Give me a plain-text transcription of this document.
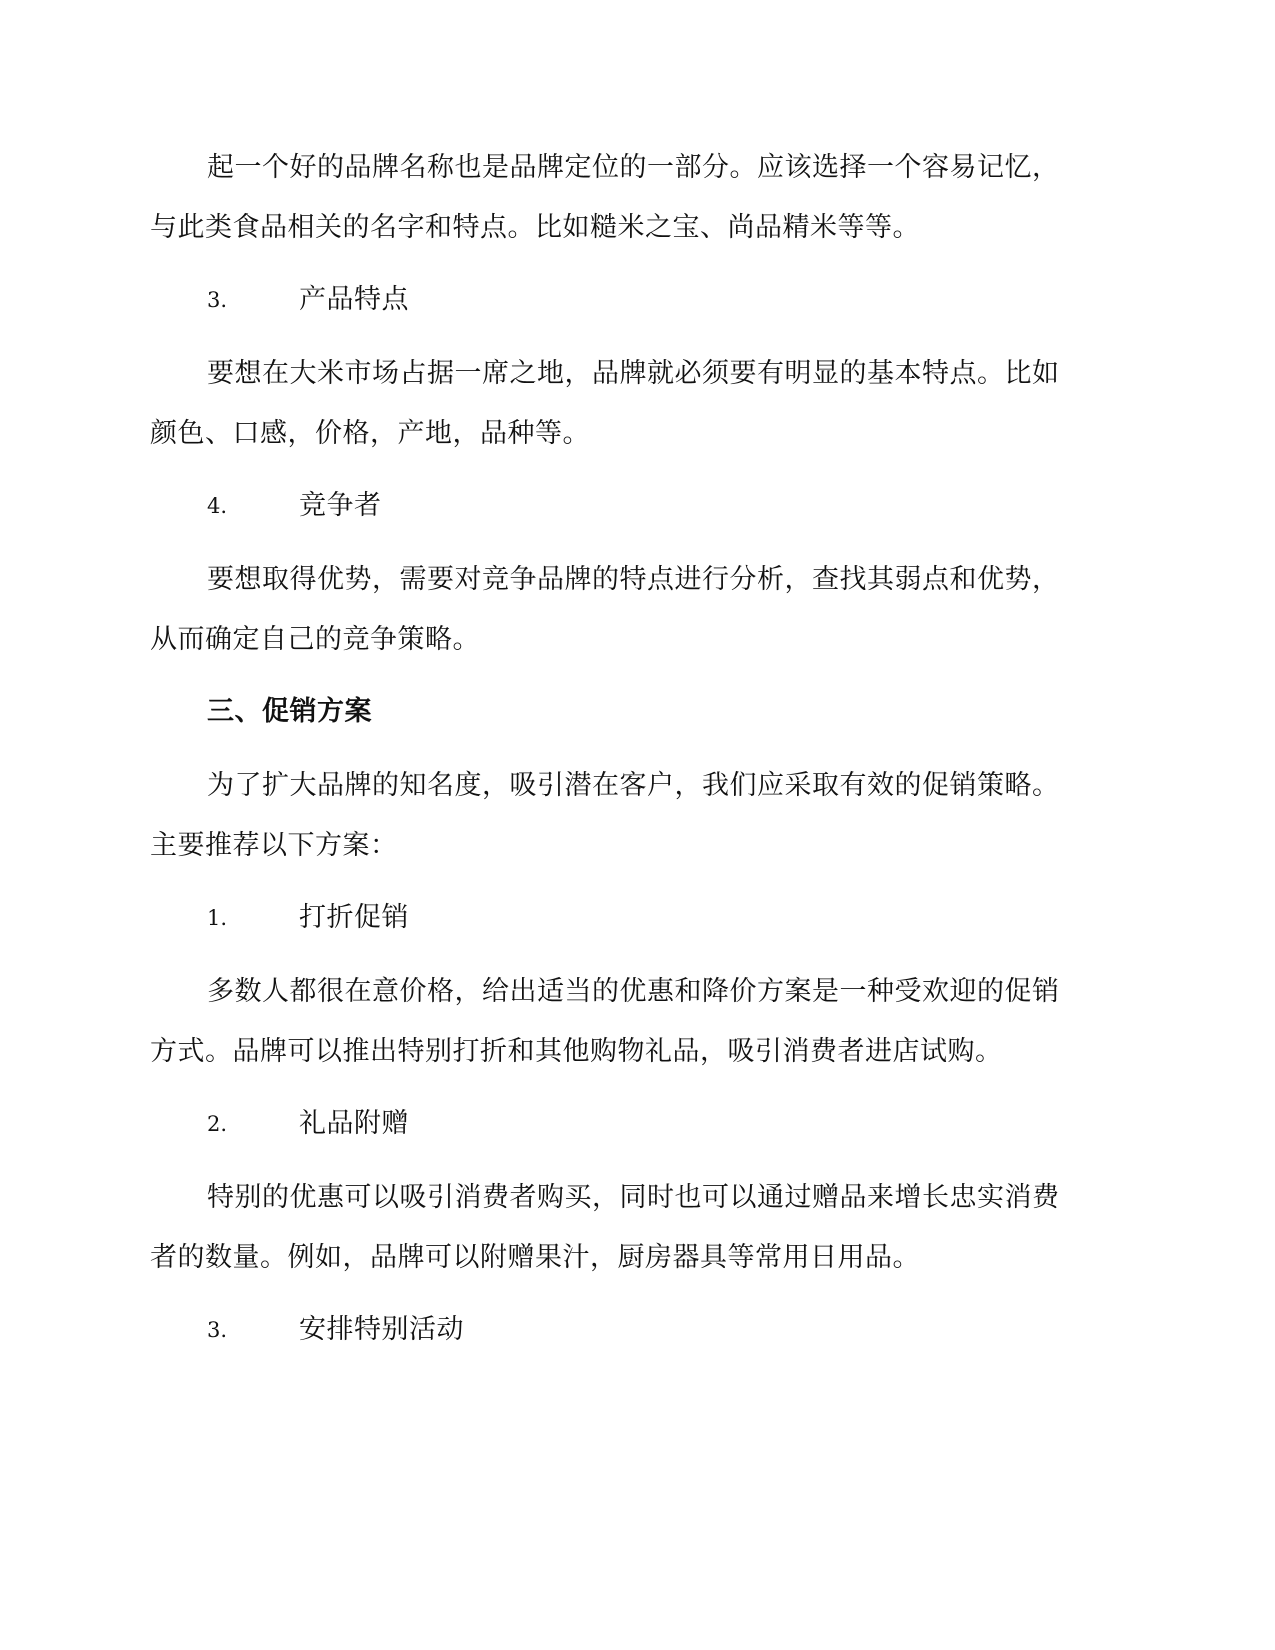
起一个好的品牌名称也是品牌定位的一部分。应该选择一个容易记忆，
与此类食品相关的名字和特点。比如糙米之宝、尚品精米等等。

3.	产品特点

要想在大米市场占据一席之地，品牌就必须要有明显的基本特点。比如
颜色、口感，价格，产地，品种等。

4.	竞争者

要想取得优势，需要对竞争品牌的特点进行分析，查找其弱点和优势，
从而确定自己的竞争策略。

三、促销方案

为了扩大品牌的知名度，吸引潜在客户，我们应采取有效的促销策略。
主要推荐以下方案：

1.	打折促销

多数人都很在意价格，给出适当的优惠和降价方案是一种受欢迎的促销
方式。品牌可以推出特别打折和其他购物礼品，吸引消费者进店试购。

2.	礼品附赠

特别的优惠可以吸引消费者购买，同时也可以通过赠品来增长忠实消费
者的数量。例如，品牌可以附赠果汁，厨房器具等常用日用品。

3.	安排特别活动
